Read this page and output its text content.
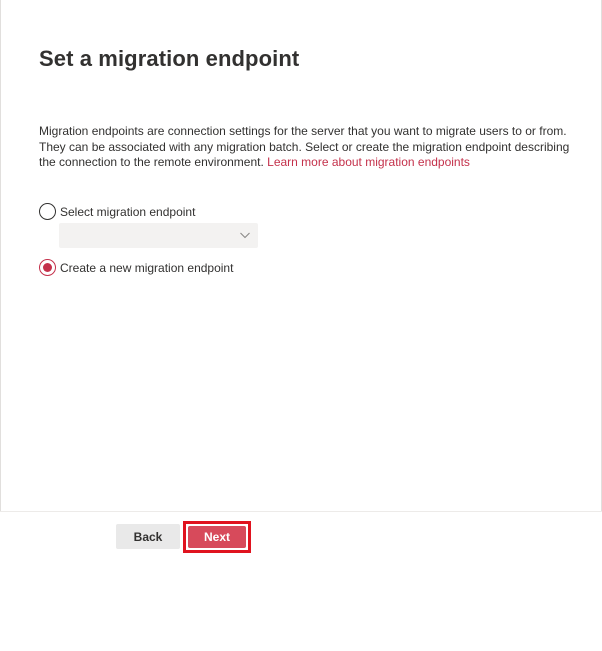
Set a migration endpoint

Migration endpoints are connection settings for the server that you want to migrate users to or from. They can be associated with any migration batch. Select or create the migration endpoint describing the connection to the remote environment. Learn more about migration endpoints

Select migration endpoint
Create a new migration endpoint
Back	Next
